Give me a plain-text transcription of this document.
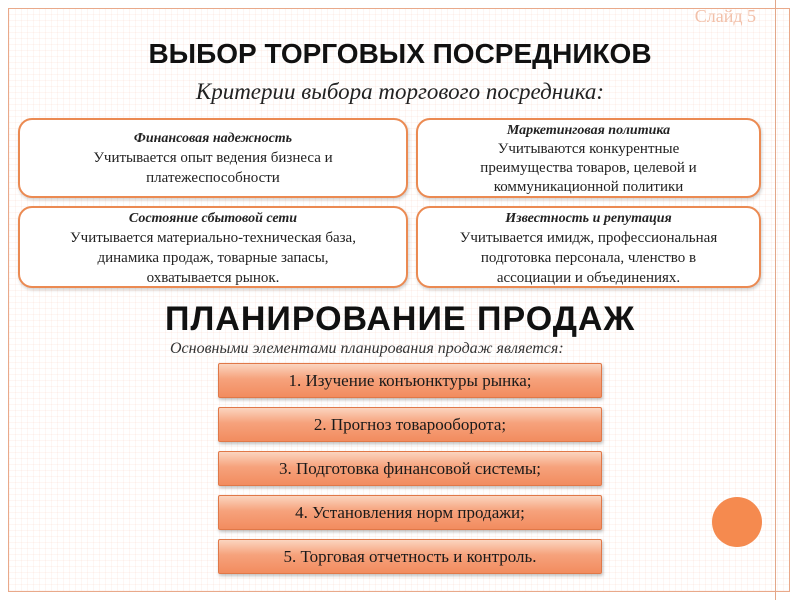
Слайд 5
ВЫБОР ТОРГОВЫХ ПОСРЕДНИКОВ
Критерии выбора торгового посредника:
Финансовая надежность
Учитывается опыт ведения бизнеса и
платежеспособности
Маркетинговая политика
Учитываются конкурентные
преимущества товаров, целевой и
коммуникационной политики
Состояние сбытовой сети
Учитывается материально-техническая база,
динамика продаж, товарные запасы,
охватывается рынок.
Известность и репутация
Учитывается имидж, профессиональная
подготовка персонала, членство в
ассоциации и объединениях.
ПЛАНИРОВАНИЕ ПРОДАЖ
Основными элементами планирования продаж является:
1. Изучение конъюнктуры рынка;
2. Прогноз товарооборота;
3. Подготовка финансовой системы;
4. Установления норм продажи;
5. Торговая отчетность и контроль.
